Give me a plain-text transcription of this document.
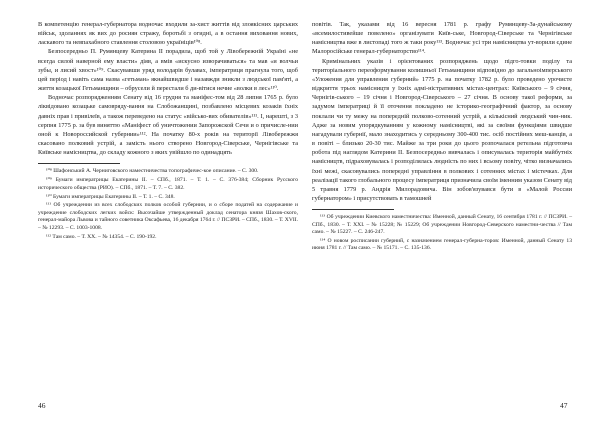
В компетенцію генерал-губернатора водночас входили за-хист життів від злоякісних царських військ, здоланнях як вих до росиян стражу, боротьбі з огидні, а в остання виховання нових, ласкавого та невпахабного ставлення столовою україніців¹⁰⁸.

Безпосередньо П. Румянцеву Катерина II порадила, щоб той у Лівобережній Україні «не всегда силой наверной ему власти» діяв, а вмів «искусно изворачиваться» та мав «и волчьи зубы, и лисий хвост»¹⁰⁹. Скасувавши уряд володарів булавах, імператриця прагнула того, щоб цей період і навіть сама назва «гетьман» якнайшвидше і назавжди зникли з людської пам'яті, а життя козацької Гетьманщини – обрусели й перестали б ди-вітися нечие «волки в лес»¹¹⁰.

Водночас розпорядженням Сенату від 16 грудня та маніфес-том від 28 липня 1765 р. було ліквідовано козацьке самовряду-вання на Слобожанщині, позбавлено місцевих козаків їхніх давніх прав і привілеїв, а також переведено на статус «військо-вих обивателів»¹¹¹. І, нарешті, з 3 серпня 1775 р. за був виняттю «Маніфест об уничтожении Запорожской Сечи и о причисле-нии оной к Новороссийской губернии»¹¹². На початку 80-х років на території Лівобережжя скасовано полковий устрій, а замість нього створено Новгород-Сіверське, Чернігівське та Київське намісництва, до складу кожного з яких увійшло по одинадцять

¹⁰⁸ Шафонський А. Черниговского наместничества топографичес-кое описание. – С. 300.

¹⁰⁹ Бумаги императрицы Екатерины II. – СПб., 1871. – Т. 1. – С. 376-384; Сборник Русского исторического общества (РИО). – СПб., 1871. – Т. 7. – С. 382.

¹¹⁰ Бумаги императрицы Екатерины II. – Т. 1. – С. 348.

¹¹¹ Об учреждении из всех слободских полков особой губернии, и о сборе податей на содержание и учреждение слободских легких войск: Высочайше утвержденный доклад сенатора князя Шахов-ского, генерал-майора Львова и тайного советника Оксафьева, 16 декабря 1764 г. // ПСЗРИ. – СПб., 1830. – Т. XVII. – № 12293. – С. 1003-1008.

¹¹² Там само. – Т. XX. – № 14354. – С. 190-192.

повітів. Так, указами від 16 вересня 1781 р. графу Румянцеву-За-дунайському «всемилостивейше повелено» організувати Київ-ське, Новгород-Сіверське та Чернігівське намісництва вже в листопаді того ж таки року¹¹³. Водночас усі три намісництва ут-ворили єдине Малоросійське генерал-губернаторство¹¹⁴.

Кримінальних указів і орієнтованих розпоряджень щодо підго-товки поділу та територіального переоформування колишньої Гетьманщини відповідно до загальноімперського «Уложения для управления губерний» 1775 р. на початку 1782 р. було проведено урочисте відкриття трьох намісництв у їхніх адмі-ністративних містах-центрах: Київського – 9 січня, Чернігів-ського – 19 січня і Новгород-Сіверського – 27 січня. В основу такої реформи, за задумом імператриці й її оточення покладено не історико-географічний фактор, за основу поклали чи ту межу на попередній полково-сотенний устрій, а кількісний людський чин-ник. Адже за новим упорядкуванням у кожному намісництві, які за своїми функціями швидше нагадували губернії, мало знаходитись у середньому 300-400 тис. осіб постійних меш-канців, а в повіті – близько 20-30 тис. Майже за три роки до цього розпочалася ретельна підготовча робота під наглядом Катерини II. Безпосередньо вивчалась і описувалась територія майбутніх намісництв, підраховувалась і розподілялась людність по них і всьому повіту, чітко визначались їхні межі, скасовувались попередні управління в полкових і сотенних містах і містечках. Для реалізації такого глобального процесу імператриця призначила своїм іменним указом Сенату від 5 травня 1779 р. Андрія Милорадовича. Він зобов'язувався бути в «Малой России губернатором» і присутствовать в тамошней

¹¹³ Об учреждении Киевского наместничества: Именной, данный Сенату, 16 сентября 1781 г. // ПСЗРИ. – СПб., 1830. – Т. XXI. – № 15228; № 15229; Об учреждении Новгород-Северского наместни-чества // Там само. – № 15227. – С. 246-247.

¹¹⁴ О новом росписании губерний, с назначением генерал-губерна-торов: Именной, данный Сенату 13 июня 1781 г. // Там само. – № 15171. – С. 135-136.

46	47
